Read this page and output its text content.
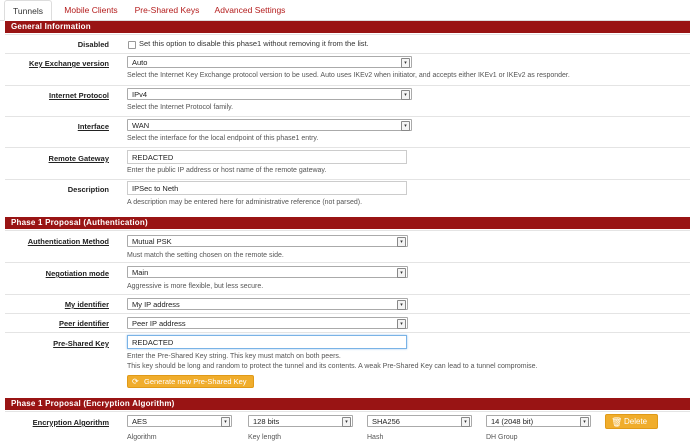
Tunnels	Mobile Clients	Pre-Shared Keys	Advanced Settings
General Information
Disabled	Set this option to disable this phase1 without removing it from the list.
Key Exchange version	Auto	▾
Select the Internet Key Exchange protocol version to be used. Auto uses IKEv2 when initiator, and accepts either IKEv1 or IKEv2 as responder.
Internet Protocol	IPv4	▾
Select the Internet Protocol family.
Interface	WAN	▾
Select the interface for the local endpoint of this phase1 entry.
Remote Gateway	REDACTED
Enter the public IP address or host name of the remote gateway.
Description	IPSec to Neth
A description may be entered here for administrative reference (not parsed).
Phase 1 Proposal (Authentication)
Authentication Method	Mutual PSK	▾
Must match the setting chosen on the remote side.
Negotiation mode	Main	▾
Aggressive is more flexible, but less secure.
My identifier	My IP address	▾
Peer identifier	Peer IP address	▾
Pre-Shared Key	REDACTED
Enter the Pre-Shared Key string. This key must match on both peers.
This key should be long and random to protect the tunnel and its contents. A weak Pre-Shared Key can lead to a tunnel compromise.
⟳ Generate new Pre-Shared Key
Phase 1 Proposal (Encryption Algorithm)
Encryption Algorithm	AES	▾
Algorithm
128 bits	▾
Key length
SHA256	▾
Hash
14 (2048 bit)	▾
DH Group
🗑 Delete
